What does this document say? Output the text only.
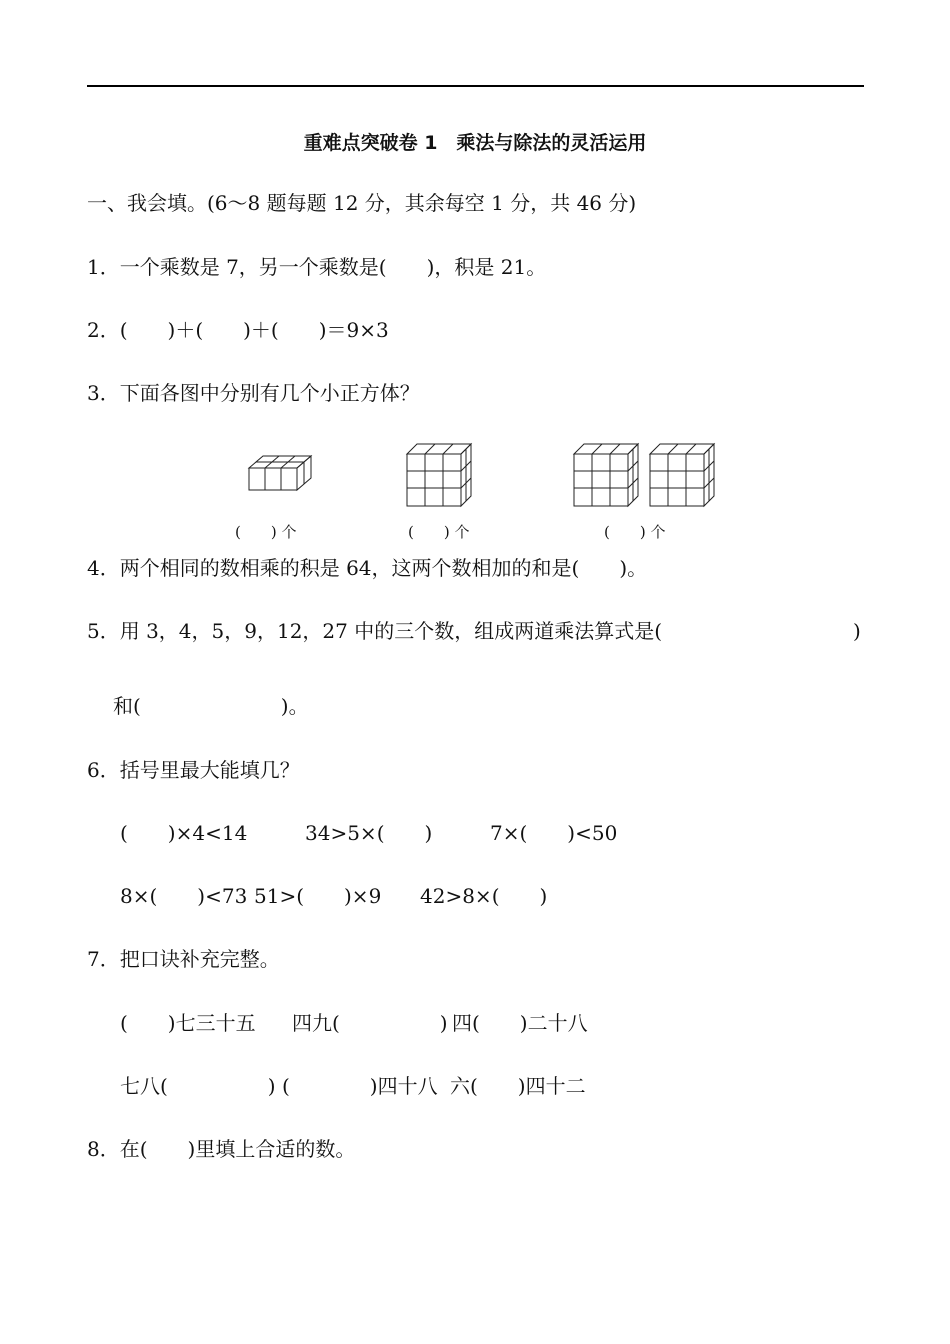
重难点突破卷 1　乘法与除法的灵活运用
一、我会填。(6～8 题每题 12 分，其余每空 1 分，共 46 分)
1．一个乘数是 7，另一个乘数是(　　)，积是 21。
2．(　　)＋(　　)＋(　　)＝9×3
3．下面各图中分别有几个小正方体？
(　　) 个	(　　) 个	(　　) 个
4．两个相同的数相乘的积是 64，这两个数相加的和是(　　)。
5．用 3，4，5，9，12，27 中的三个数，组成两道乘法算式是(	)
和(　　　　　　　)。
6．括号里最大能填几？
(　　)×4<14	34>5×(　　)	7×(　　)<50
8×(　　)<73 51>(　　)×9 42>8×(　　)
7．把口诀补充完整。
(　　)七三十五 四九(　　　　　) 四(　　)二十八
七八(　　　　　) (　　　　)四十八 六(　　)四十二
8．在(　　)里填上合适的数。
